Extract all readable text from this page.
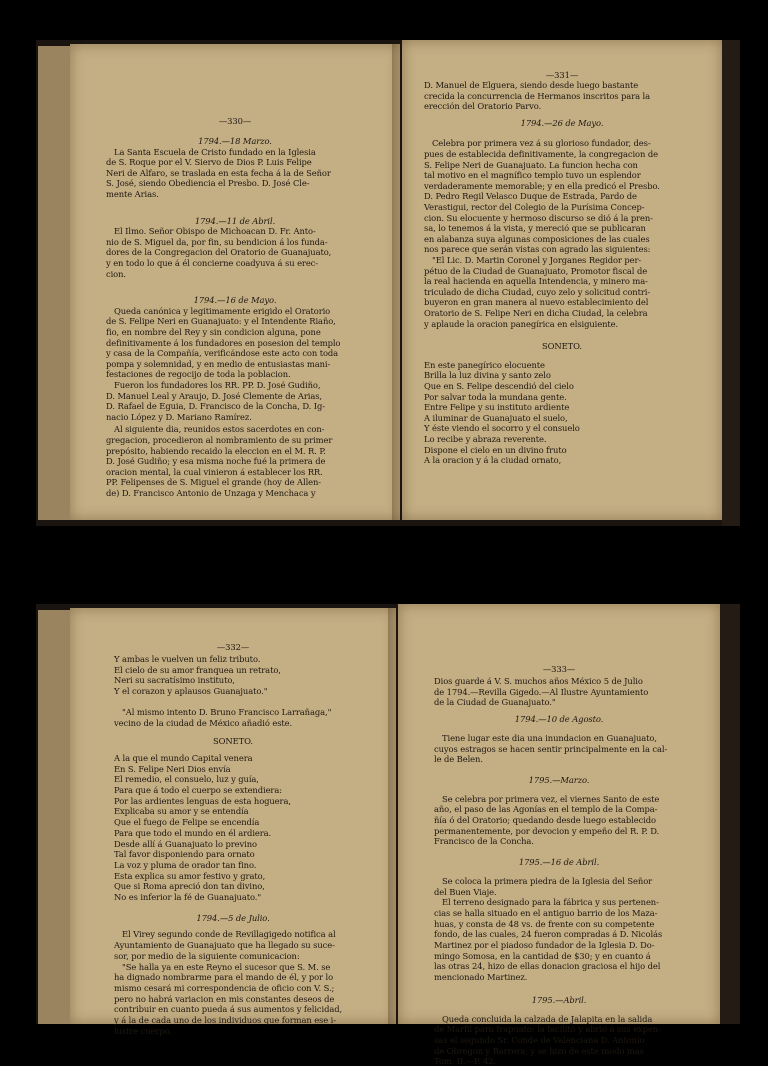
—330—
1794.—18 Marzo.
La Santa Escuela de Cristo fundado en la Iglesia
de S. Roque por el V. Siervo de Dios P. Luis Felipe
Neri de Alfaro, se traslada en esta fecha á la de Señor
S. José, siendo Obediencia el Presbo. D. José Cle-
mente Arias.
1794.—11 de Abril.
El Ilmo. Señor Obispo de Michoacan D. Fr. Anto-
nio de S. Miguel da, por fin, su bendicion á los funda-
dores de la Congregacion del Oratorio de Guanajuato,
y en todo lo que á él concierne coadyuva á su erec-
cion.
1794.—16 de Mayo.
Queda canónica y legitimamente erigido el Oratorio
de S. Felipe Neri en Guanajuato: y el Intendente Riaño,
fio, en nombre del Rey y sin condicion alguna, pone
definitivamente á los fundadores en posesion del templo
y casa de la Compañía, verificándose este acto con toda
pompa y solemnidad, y en medio de entusiastas mani-
festaciones de regocijo de toda la poblacion.
Fueron los fundadores los RR. PP. D. José Gudiño,
D. Manuel Leal y Araujo, D. José Clemente de Arias,
D. Rafael de Eguia, D. Francisco de la Concha, D. Ig-
nacio López y D. Mariano Ramírez.
Al siguiente dia, reunidos estos sacerdotes en con-
gregacion, procedieron al nombramiento de su primer
prepósito, habiendo recaido la eleccion en el M. R. P.
D. José Gudiño; y esa misma noche fué la primera de
oracion mental, la cual vinieron á establecer los RR.
PP. Felipenses de S. Miguel el grande (hoy de Allen-
de) D. Francisco Antonio de Unzaga y Menchaca y
—331—
D. Manuel de Elguera, siendo desde luego bastante
crecida la concurrencia de Hermanos inscritos para la
erección del Oratorio Parvo.
1794.—26 de Mayo.
Celebra por primera vez á su glorioso fundador, des-
pues de establecida definitivamente, la congregacion de
S. Felipe Neri de Guanajuato. La funcion hecha con
tal motivo en el magnífico templo tuvo un esplendor
verdaderamente memorable; y en ella predicó el Presbo.
D. Pedro Regil Velasco Duque de Estrada, Pardo de
Verastigui, rector del Colegio de la Purísima Concep-
cion. Su elocuente y hermoso discurso se dió á la pren-
sa, lo tenemos á la vista, y mereció que se publicaran
en alabanza suya algunas composiciones de las cuales
nos parece que serán vistas con agrado las siguientes:
"El Lic. D. Martin Coronel y Jorganes Regidor per-
pétuo de la Ciudad de Guanajuato, Promotor fiscal de
la real hacienda en aquella Intendencia, y minero ma-
triculado de dicha Ciudad, cuyo zelo y solicitud contri-
buyeron en gran manera al nuevo establecimiento del
Oratorio de S. Felipe Neri en dicha Ciudad, la celebra
y aplaude la oracion panegírica en elsiguiente.
SONETO.
En este panegírico elocuente
Brilla la luz divina y santo zelo
Que en S. Felipe descendió del cielo
Por salvar toda la mundana gente.
Entre Felipe y su instituto ardiente
A iluminar de Guanajuato el suelo,
Y éste viendo el socorro y el consuelo
Lo recibe y abraza reverente.
Dispone el cielo en un divino fruto
A la oracion y á la ciudad ornato,
—332—
Y ambas le vuelven un feliz tributo.
El cielo de su amor franquea un retrato,
Neri su sacratísimo instituto,
Y el corazon y aplausos Guanajuato."
"Al mismo intento D. Bruno Francisco Larrañaga,"
vecino de la ciudad de México añadió este.
SONETO.
A la que el mundo Capital venera
En S. Felipe Neri Dios envía
El remedio, el consuelo, luz y guía,
Para que á todo el cuerpo se extendiera:
Por las ardientes lenguas de esta hoguera,
Explicaba su amor y se entendía
Que el fuego de Felipe se encendía
Para que todo el mundo en él ardiera.
Desde allí á Guanajuato lo previno
Tal favor disponiendo para ornato
La voz y pluma de orador tan fino.
Esta explica su amor festivo y grato,
Que si Roma apreció don tan divino,
No es inferior la fé de Guanajuato."
1794.—5 de Julio.
El Virey segundo conde de Revillagigedo notifica al
Ayuntamiento de Guanajuato que ha llegado su suce-
sor, por medio de la siguiente comunicacion:
"Se halla ya en este Reyno el sucesor que S. M. se
ha dignado nombrarme para el mando de él, y por lo
mismo cesará mi correspondencia de oficio con V. S.;
pero no habrá variacion en mis constantes deseos de
contribuir en cuanto pueda á sus aumentos y felicidad,
y á la de cada uno de los individuos que forman ese i-
lustre cuerpo.
—333—
Dios guarde á V. S. muchos años México 5 de Julio
de 1794.—Revilla Gigedo.—Al Ilustre Ayuntamiento
de la Ciudad de Guanajuato."
1794.—10 de Agosto.
Tiene lugar este dia una inundacion en Guanajuato,
cuyos estragos se hacen sentir principalmente en la cal-
le de Belen.
1795.—Marzo.
Se celebra por primera vez, el viernes Santo de este
año, el paso de las Agonías en el templo de la Compa-
ñía ó del Oratorio; quedando desde luego establecido
permanentemente, por devocion y empeño del R. P. D.
Francisco de la Concha.
1795.—16 de Abril.
Se coloca la primera piedra de la Iglesia del Señor
del Buen Viaje.
El terreno designado para la fábrica y sus pertenen-
cias se halla situado en el antiguo barrio de los Maza-
huas, y consta de 48 vs. de frente con su competente
fondo, de las cuales, 24 fueron compradas á D. Nicolás
Martinez por el piadoso fundador de la Iglesia D. Do-
mingo Somosa, en la cantidad de $30; y en cuanto á
las otras 24, hizo de ellas donacion graciosa el hijo del
mencionado Martinez.
1795.—Abril.
Queda concluida la calzada de Jalapita en la salida
de Marfil para Irapuato: la facilitó y abrió á sus expen-
sas el segundo Sr. Conde de Valenciana D. Antonio
de Obregon y Barrera; y se hizo de este modo mas
Tom. II.—P. 42.
